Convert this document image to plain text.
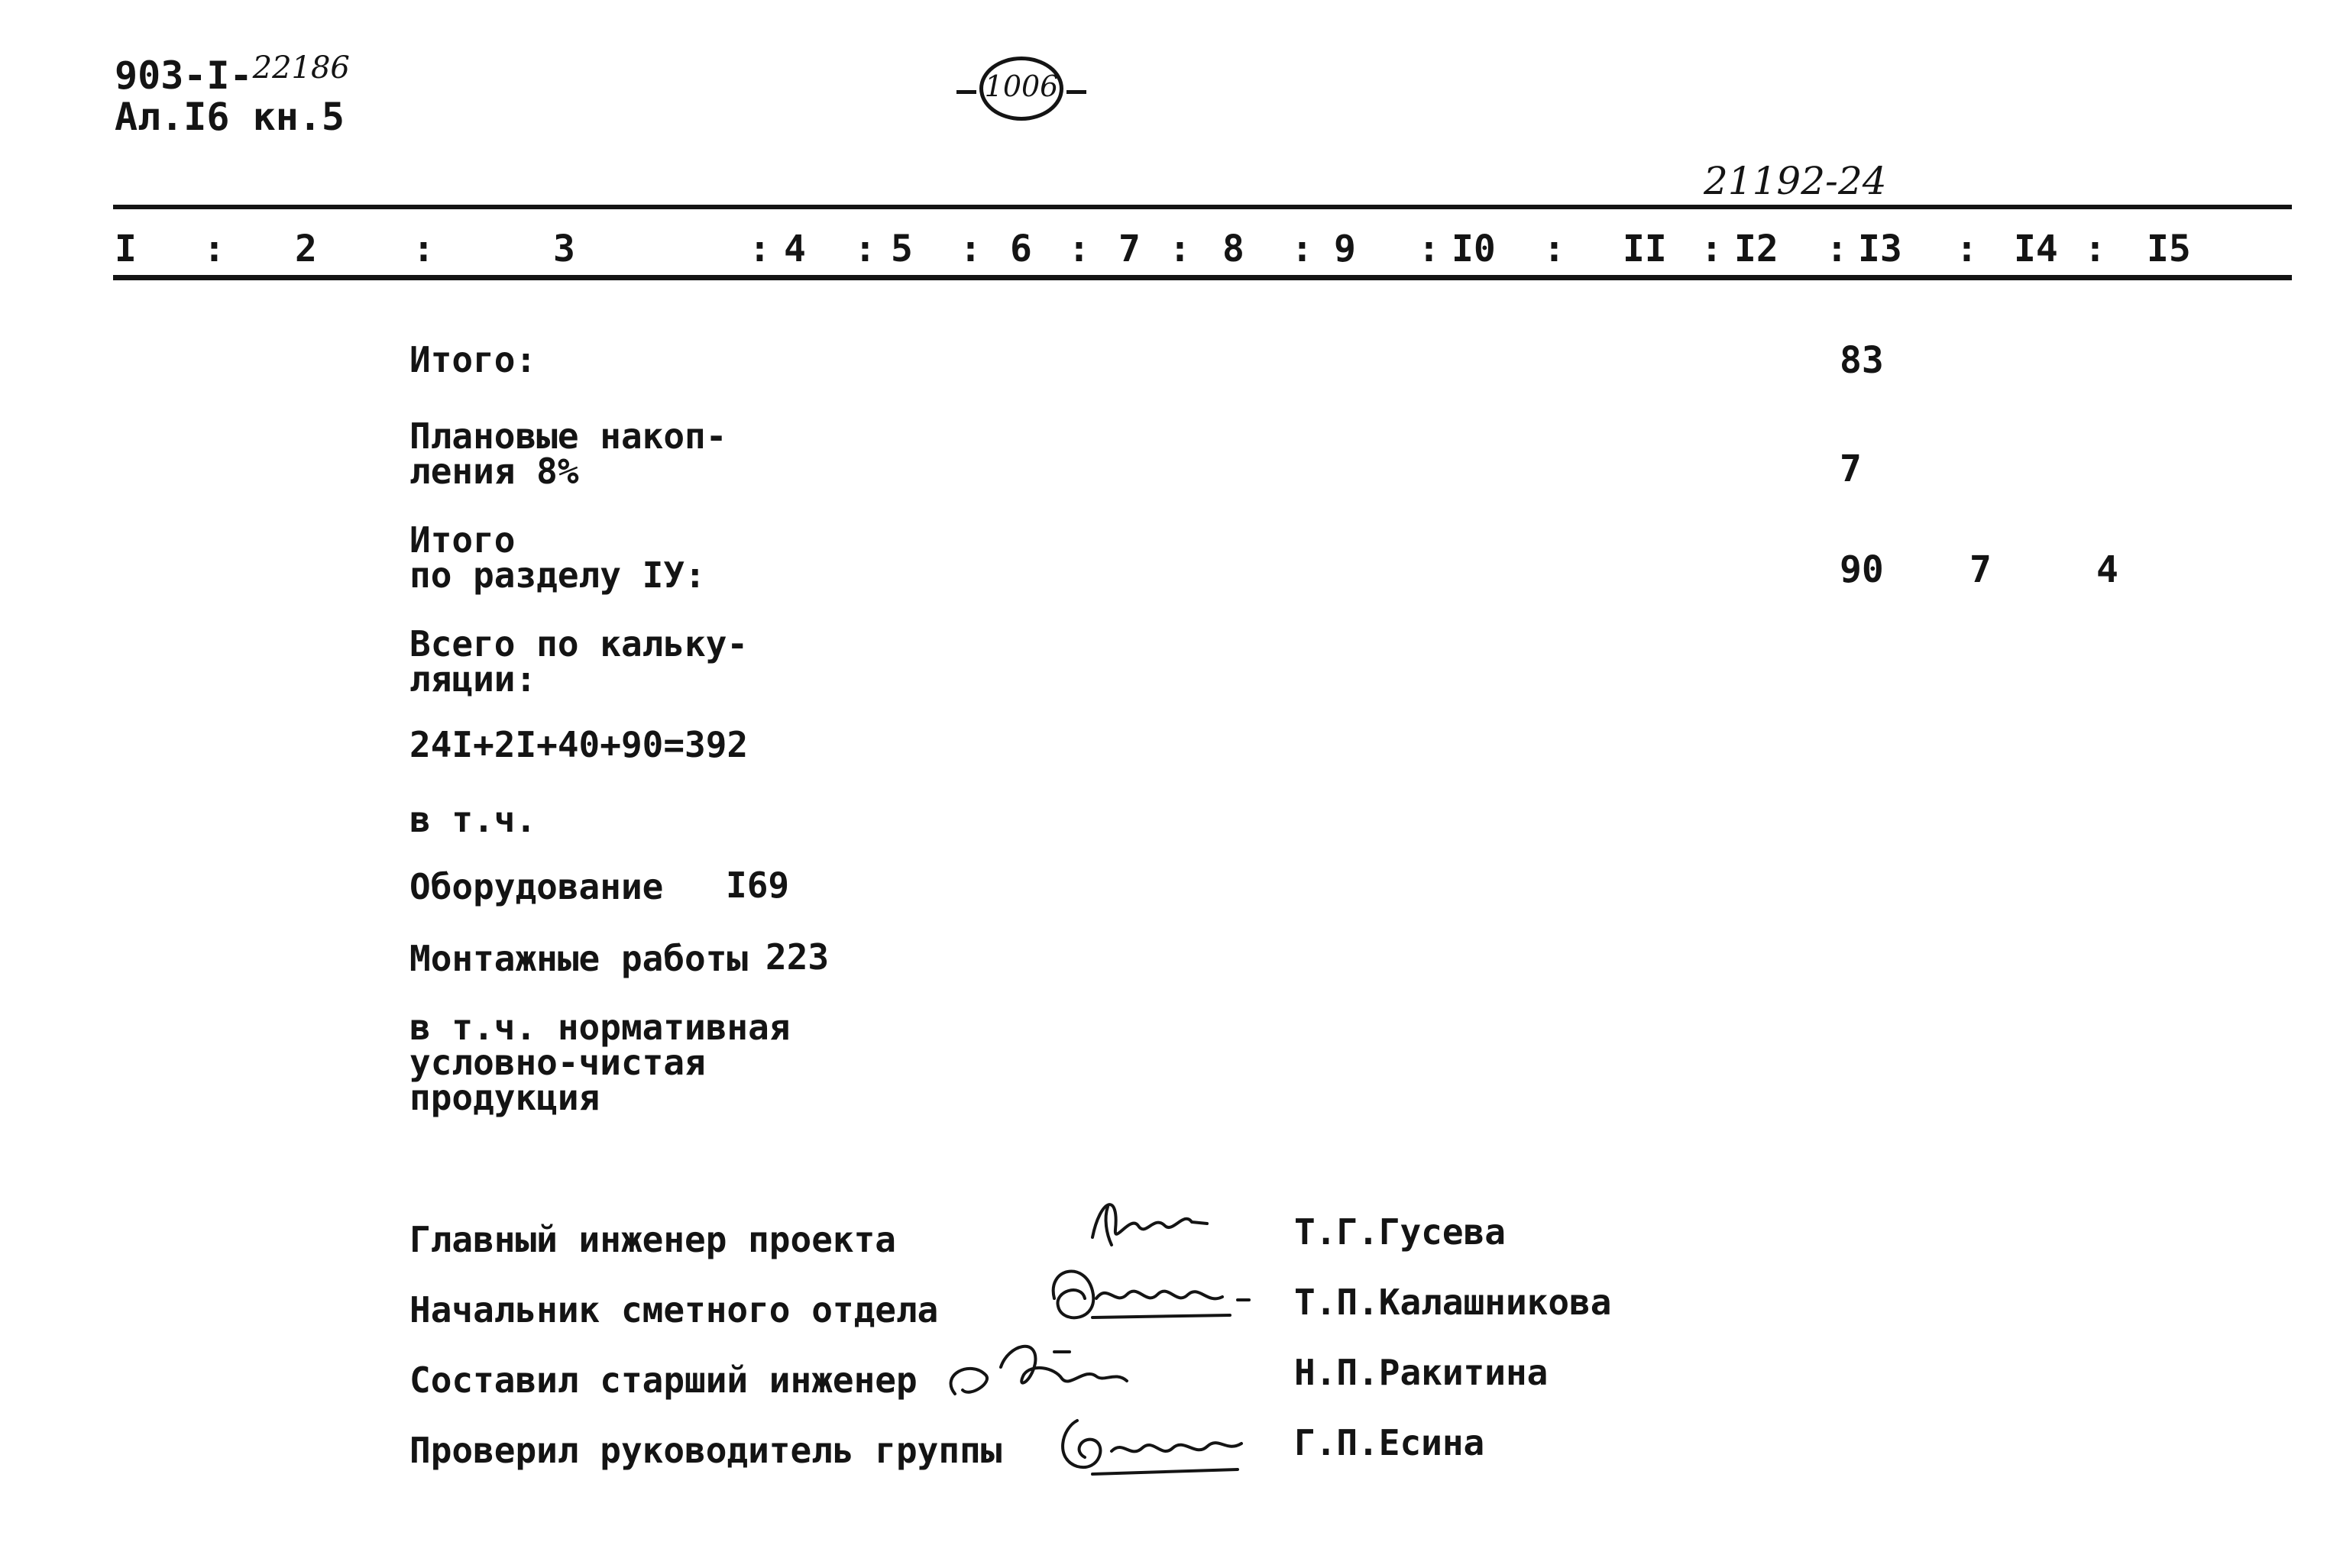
903-I-$^{22186}$
Ал.I6 кн.5
1006
21192-24
I : 2	:	3	: 4 : 5 : 6 : 7 : 8 : 9 : I0 : II : I2 : I3 : I4 : I5
Итого:	83
Плановые накоп-
ления 8%	7
Итого
по разделу IУ:	90 7	4
Всего по кальку-
ляции:
24I+2I+40+90=392
в т.ч.
Оборудование I69
Монтажные работы 223
в т.ч. нормативная
условно-чистая
продукция
Главный инженер проекта	Т.Г.Гусева
Начальник сметного отдела	Т.П.Калашникова
Составил старший инженер	Н.П.Ракитина
Проверил руководитель группы	Г.П.Есина
